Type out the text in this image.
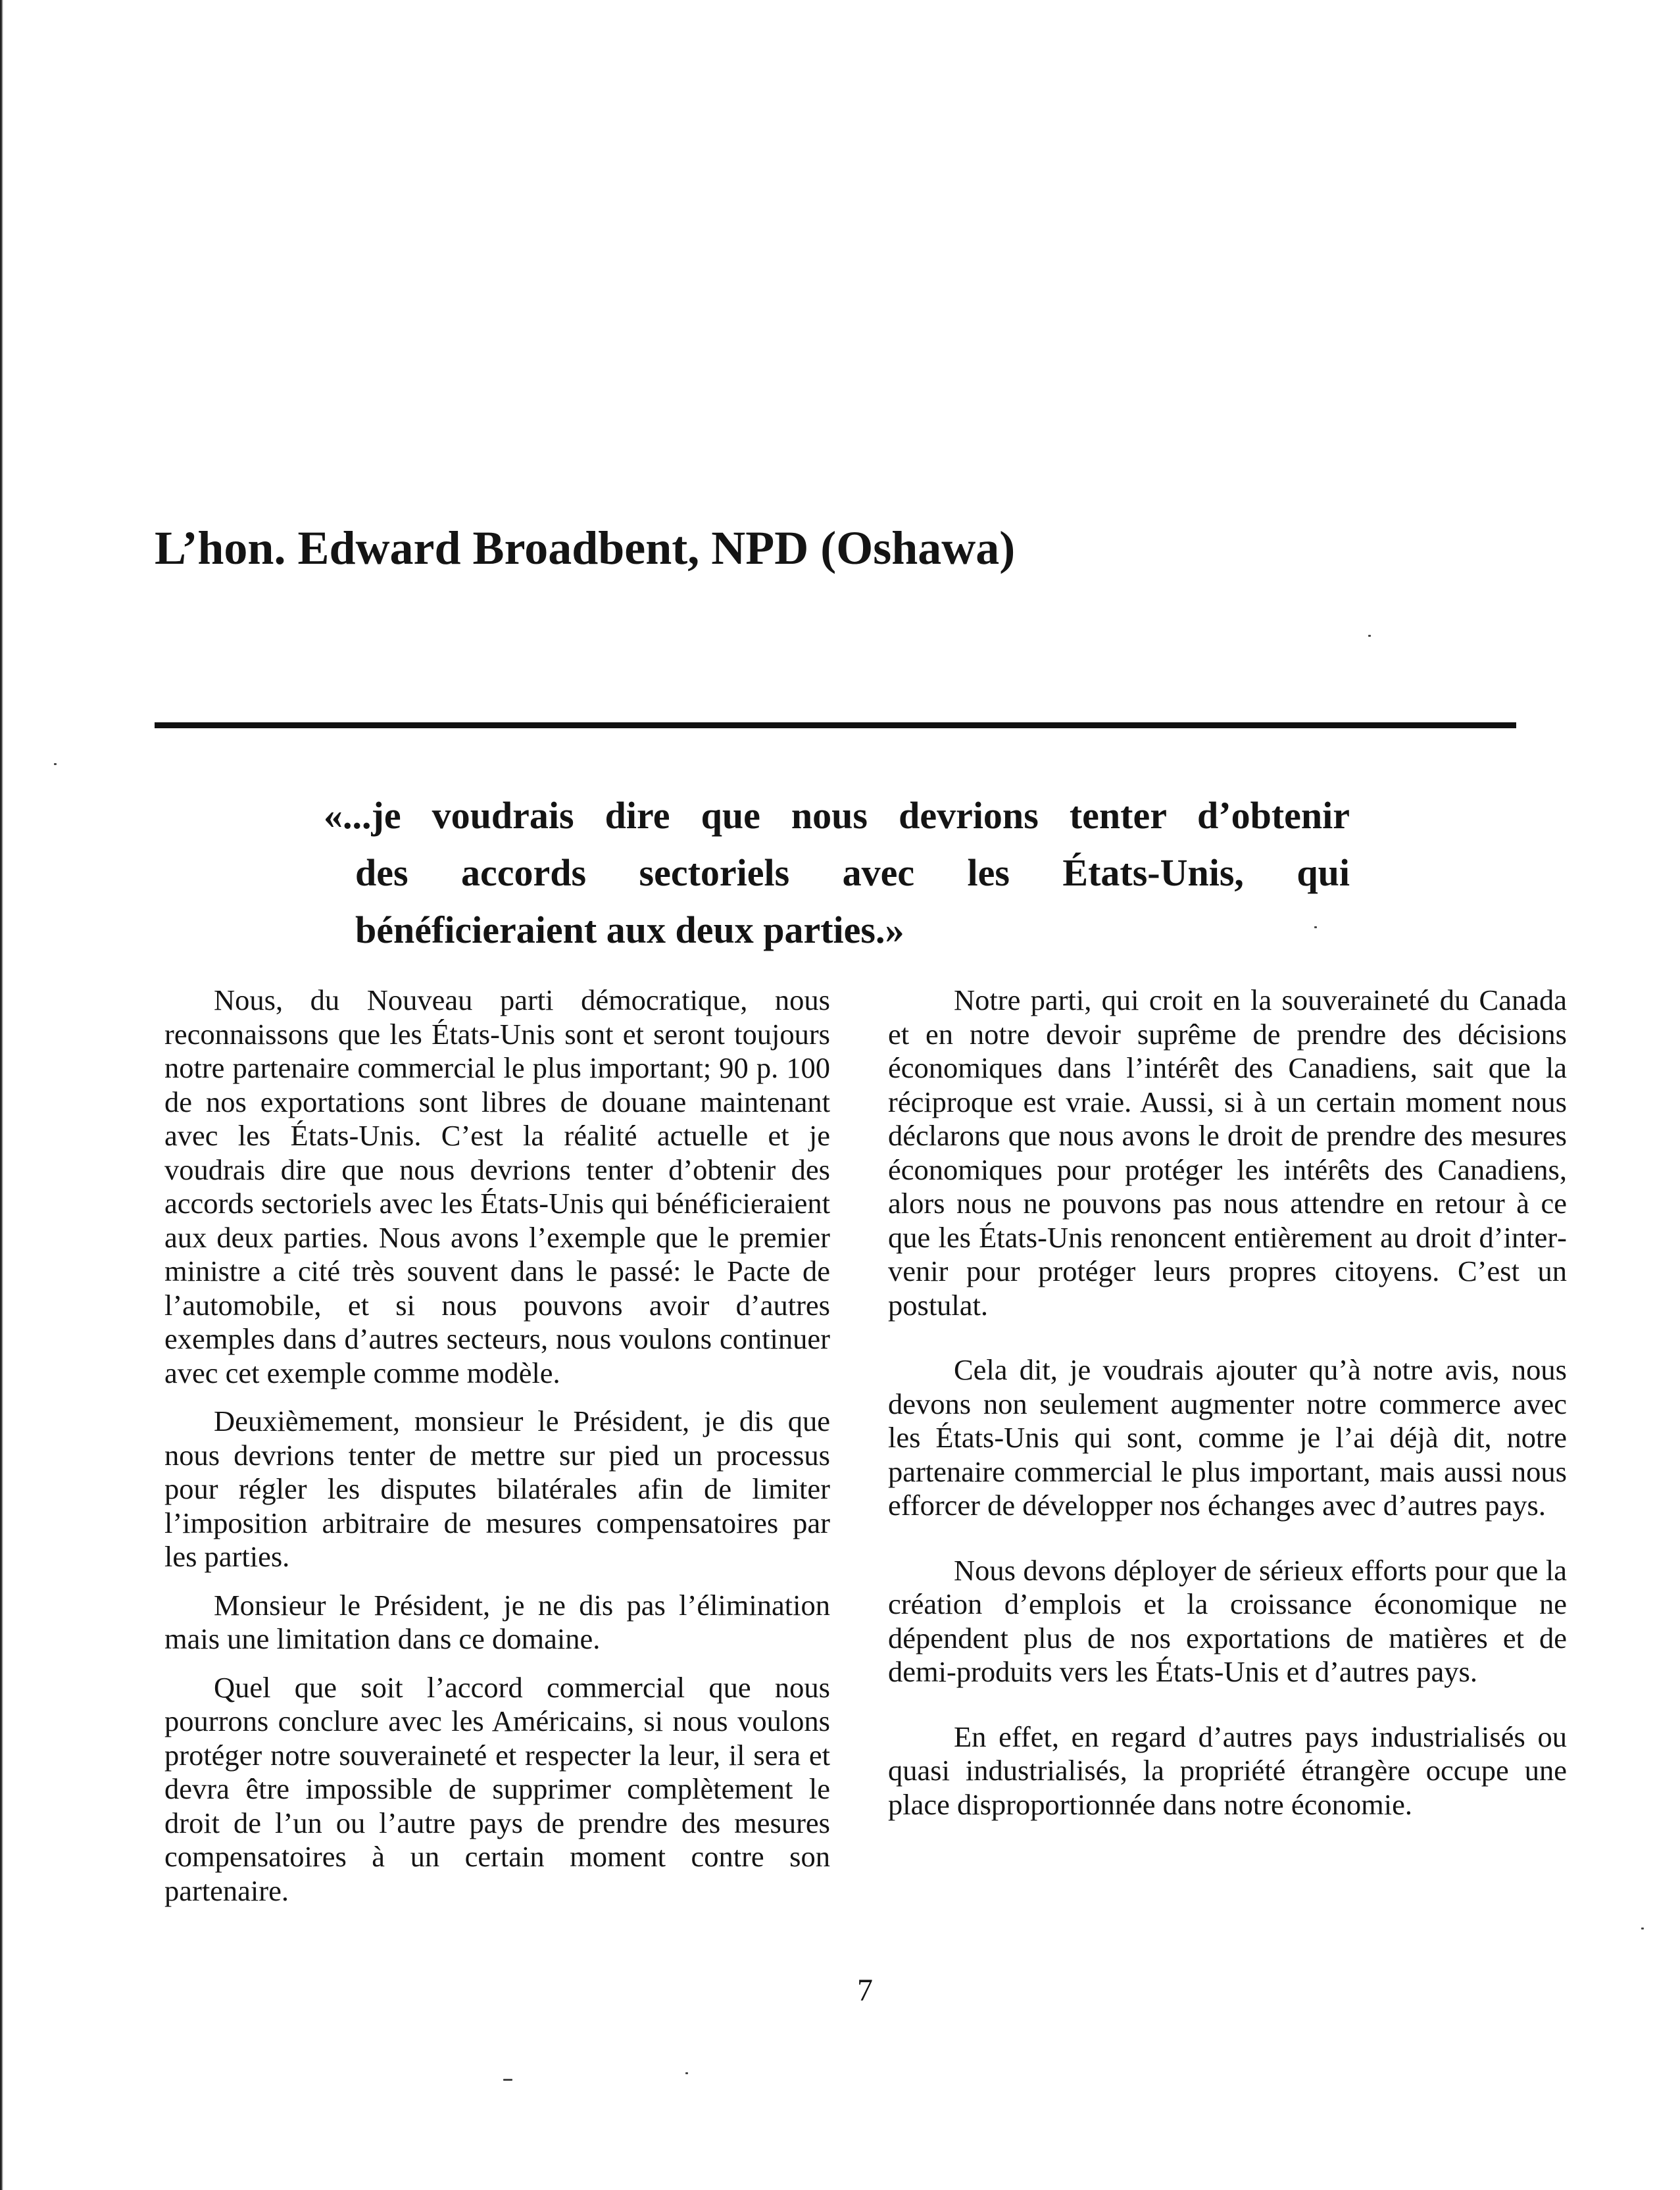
L’hon. Edward Broadbent, NPD (Oshawa)
«...je voudrais dire que nous devrions tenter d’obtenir
des accords sectoriels avec les États-Unis, qui
bénéficieraient aux deux parties.»

Nous, du Nouveau parti démocratique, nous reconnaissons que les États-Unis sont et seront toujours notre partenaire commercial le plus important; 90 p. 100 de nos exportations sont libres de douane maintenant avec les États-Unis. C’est la réalité actuelle et je voudrais dire que nous devrions tenter d’obtenir des accords sectoriels avec les États-Unis qui bénéficieraient aux deux parties. Nous avons l’exemple que le premier ministre a cité très souvent dans le passé: le Pacte de l’automobile, et si nous pouvons avoir d’autres exemples dans d’autres secteurs, nous voulons continuer avec cet exemple comme modèle.

Deuxièmement, monsieur le Président, je dis que nous devrions tenter de mettre sur pied un processus pour régler les disputes bilatérales afin de limiter l’imposition arbitraire de mesures compensatoires par les parties.

Monsieur le Président, je ne dis pas l’élimination mais une limitation dans ce domaine.

Quel que soit l’accord commercial que nous pourrons conclure avec les Américains, si nous voulons protéger notre souveraineté et respecter la leur, il sera et devra être impossible de supprimer complètement le droit de l’un ou l’autre pays de prendre des mesures compensatoires à un certain moment contre son partenaire.

Notre parti, qui croit en la souveraineté du Canada et en notre devoir suprême de prendre des décisions économiques dans l’intérêt des Canadiens, sait que la réciproque est vraie. Aussi, si à un certain moment nous déclarons que nous avons le droit de prendre des mesures économiques pour protéger les intérêts des Canadiens, alors nous ne pouvons pas nous attendre en retour à ce que les États-Unis renoncent entièrement au droit d’intervenir pour protéger leurs propres citoyens. C’est un postulat.

Cela dit, je voudrais ajouter qu’à notre avis, nous devons non seulement augmenter notre commerce avec les États-Unis qui sont, comme je l’ai déjà dit, notre partenaire commercial le plus important, mais aussi nous efforcer de développer nos échanges avec d’autres pays.

Nous devons déployer de sérieux efforts pour que la création d’emplois et la croissance économique ne dépendent plus de nos exportations de matières et de demi-produits vers les États-Unis et d’autres pays.

En effet, en regard d’autres pays industrialisés ou quasi industrialisés, la propriété étrangère occupe une place disproportionnée dans notre économie.

7
